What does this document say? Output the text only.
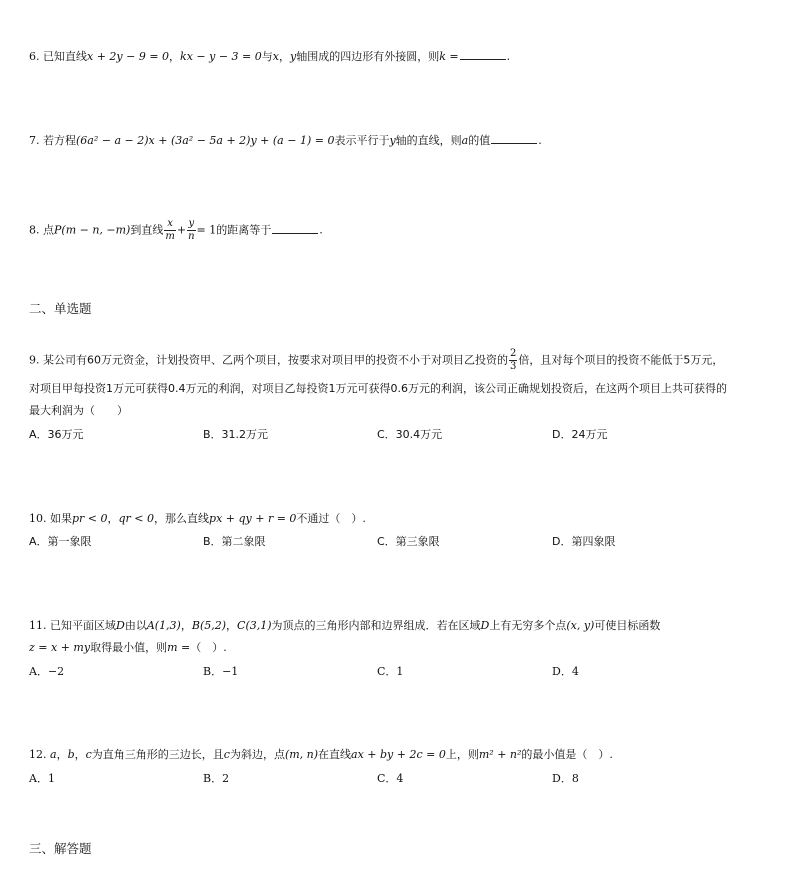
6. 已知直线x + 2y − 9 = 0，kx − y − 3 = 0与x，y轴围成的四边形有外接圆，则k =	.
7. 若方程(6a² − a − 2)x + (3a² − 5a + 2)y + (a − 1) = 0表示平行于y轴的直线，则a的值	.
8. 点P(m − n, −m)到直线 $\frac{x}{m} + \frac{y}{n} = 1$的距离等于	.
二、单选题
9. 某公司有60万元资金，计划投资甲、乙两个项目，按要求对项目甲的投资不小于对项目乙投资的 $\frac{2}{3}$ 倍，且对每个项目的投资不能低于5万元，
对项目甲每投资1万元可获得0.4万元的利润，对项目乙每投资1万元可获得0.6万元的利润，该公司正确规划投资后，在这两个项目上共可获得的
最大利润为（　　）
A．36万元	B．31.2万元	C．30.4万元	D．24万元
10. 如果pr < 0，qr < 0，那么直线px + qy + r = 0不通过（　）.
A．第一象限	B．第二象限	C．第三象限	D．第四象限
11. 已知平面区域D由以A(1,3)，B(5,2)，C(3,1)为顶点的三角形内部和边界组成．若在区域D上有无穷多个点(x, y)可使目标函数
z = x + my取得最小值，则m =（　）.
A．−2	B．−1	C．1	D．4
12. a，b，c为直角三角形的三边长，且c为斜边，点(m, n)在直线ax + by + 2c = 0上，则m² + n²的最小值是（　）.
A．1	B．2	C．4	D．8
三、解答题
